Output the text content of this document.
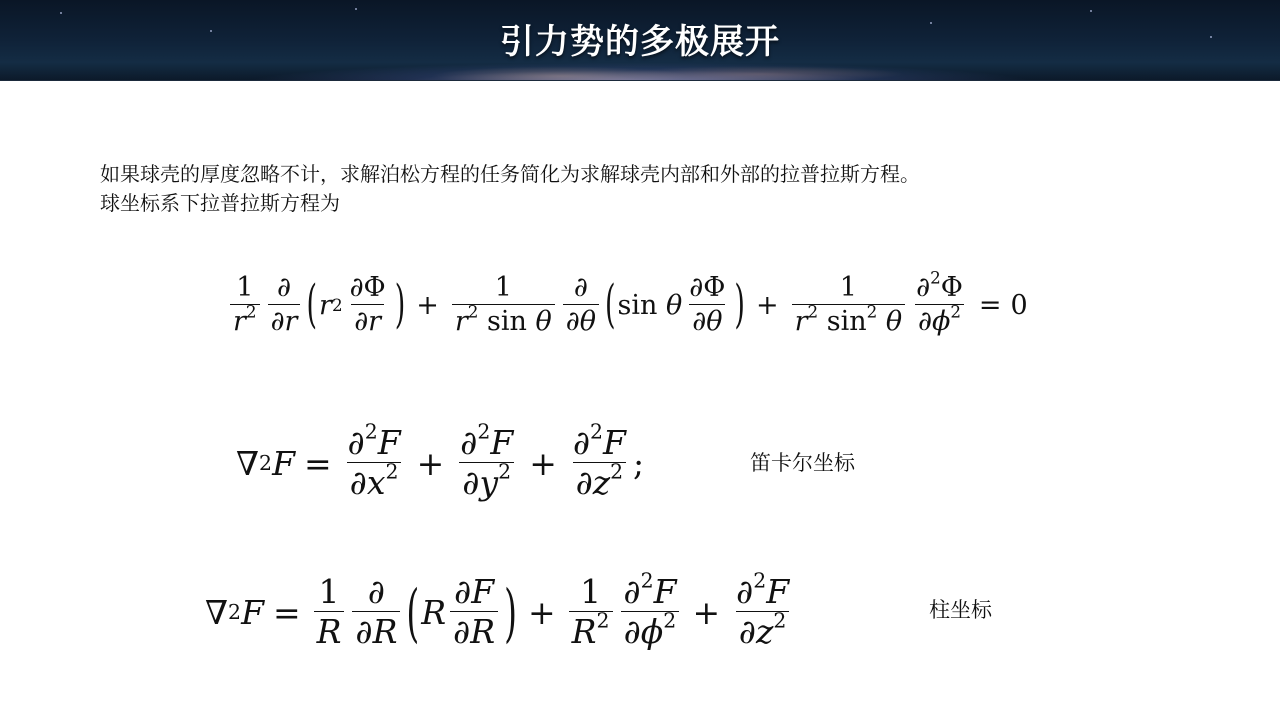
引力势的多极展开
如果球壳的厚度忽略不计，求解泊松方程的任务简化为求解球壳内部和外部的拉普拉斯方程。
球坐标系下拉普拉斯方程为
$\frac{1}{r^2} \frac{\partial}{\partial r}$ ( r $2 \frac{\partial\Phi}{\partial r}$ ) + $\frac{1}{r^2 \sin \theta} \frac{\partial}{\partial\theta}$ ( sin θ $\frac{\partial\Phi}{\partial\theta}$ ) + $\frac{1}{r^2 \sin^2 \theta} \frac{\partial^2\Phi}{\partial\phi^2} = 0$
∇ 2 $F = \frac{\partial^2F}{\partial x^2} + \frac{\partial^2F}{\partial y^2} + \frac{\partial^2F}{\partial z^2}$ ;	笛卡尔坐标
∇ 2 $F = \frac{1}{R} \frac{\partial}{\partial R}$ ( R $\frac{\partial F}{\partial R}$ ) + $\frac{1}{R^2} \frac{\partial^2F}{\partial\phi^2} + \frac{\partial^2F}{\partial z^2}$	柱坐标
